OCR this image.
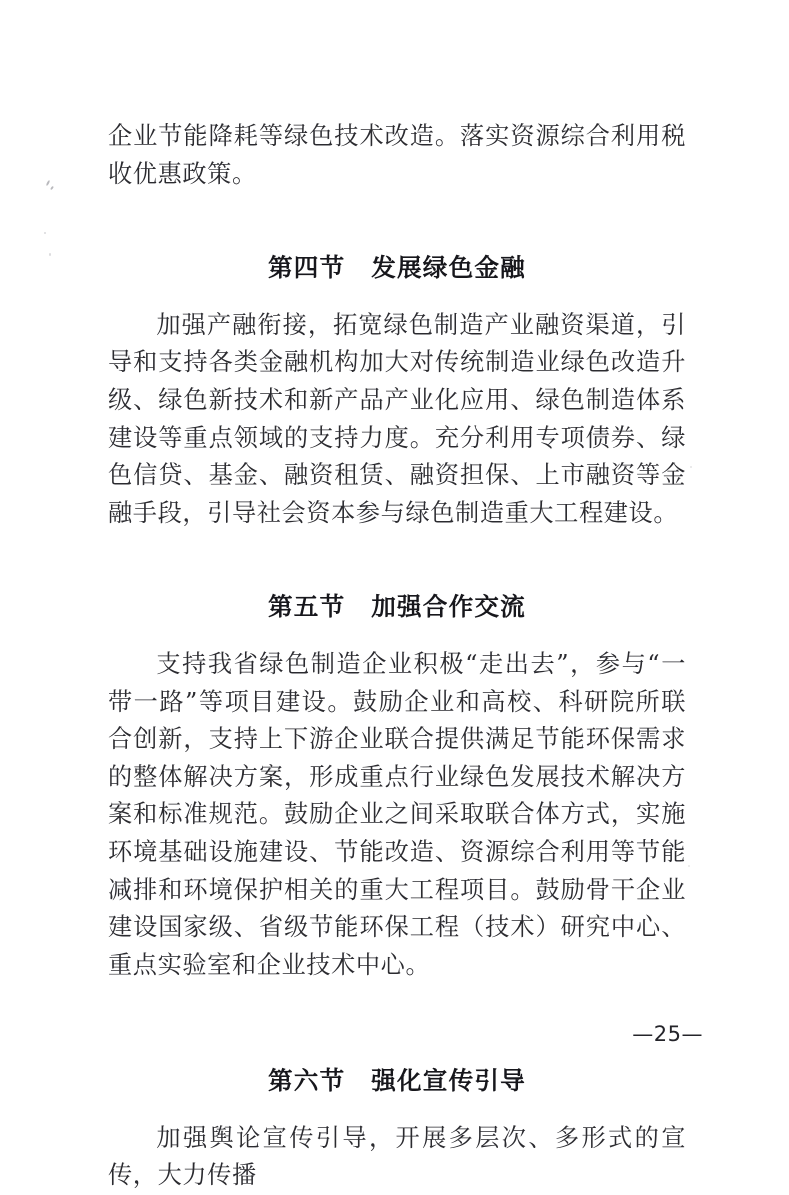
企业节能降耗等绿色技术改造。落实资源综合利用税收优惠政策。

第四节　发展绿色金融

加强产融衔接，拓宽绿色制造产业融资渠道，引导和支持各类金融机构加大对传统制造业绿色改造升级、绿色新技术和新产品产业化应用、绿色制造体系建设等重点领域的支持力度。充分利用专项债券、绿色信贷、基金、融资租赁、融资担保、上市融资等金融手段，引导社会资本参与绿色制造重大工程建设。

第五节　加强合作交流

支持我省绿色制造企业积极“走出去”，参与“一带一路”等项目建设。鼓励企业和高校、科研院所联合创新，支持上下游企业联合提供满足节能环保需求的整体解决方案，形成重点行业绿色发展技术解决方案和标准规范。鼓励企业之间采取联合体方式，实施环境基础设施建设、节能改造、资源综合利用等节能减排和环境保护相关的重大工程项目。鼓励骨干企业建设国家级、省级节能环保工程（技术）研究中心、重点实验室和企业技术中心。

第六节　强化宣传引导

加强舆论宣传引导，开展多层次、多形式的宣传，大力传播

—25—
